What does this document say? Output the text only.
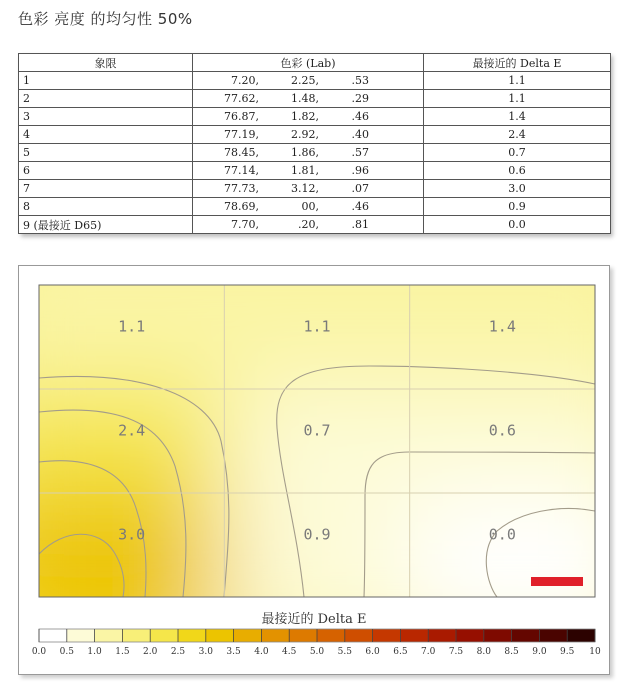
色彩 亮度 的均匀性 50%
象限	色彩 (Lab)	最接近的 Delta E
1	7.20, 2.25, .53	1.1
2	77.62, 1.48, .29	1.1
3	76.87, 1.82, .46	1.4
4	77.19, 2.92, .40	2.4
5	78.45, 1.86, .57	0.7
6	77.14, 1.81, .96	0.6
7	77.73, 3.12, .07	3.0
8	78.69, 00, .46	0.9
9 (最接近 D65)	7.70, .20, .81	0.0
1.1	1.1	1.4
2.4	0.7	0.6
3.0	0.9	0.0
最接近的 Delta E
0.0 0.5 1.0 1.5 2.0 2.5 3.0 3.5 4.0 4.5 5.0 5.5 6.0 6.5 7.0 7.5 8.0 8.5 9.0 9.5 10
